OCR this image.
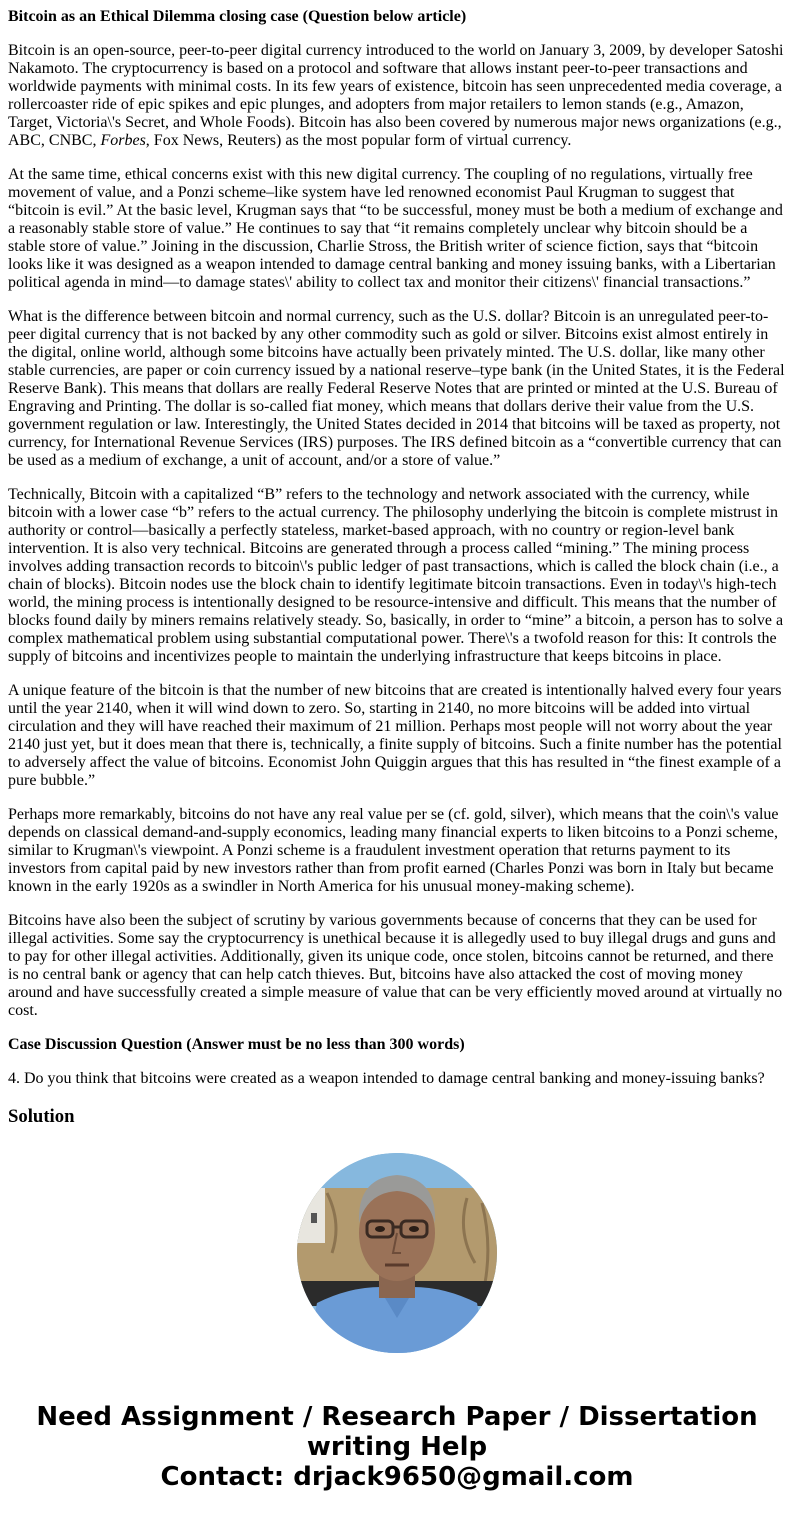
Bitcoin as an Ethical Dilemma closing case (Question below article)

Bitcoin is an open-source, peer-to-peer digital currency introduced to the world on January 3, 2009, by developer Satoshi Nakamoto. The cryptocurrency is based on a protocol and software that allows instant peer-to-peer transactions and worldwide payments with minimal costs. In its few years of existence, bitcoin has seen unprecedented media coverage, a rollercoaster ride of epic spikes and epic plunges, and adopters from major retailers to lemon stands (e.g., Amazon, Target, Victoria\'s Secret, and Whole Foods). Bitcoin has also been covered by numerous major news organizations (e.g., ABC, CNBC, Forbes, Fox News, Reuters) as the most popular form of virtual currency.

At the same time, ethical concerns exist with this new digital currency. The coupling of no regulations, virtually free movement of value, and a Ponzi scheme–like system have led renowned economist Paul Krugman to suggest that “bitcoin is evil.” At the basic level, Krugman says that “to be successful, money must be both a medium of exchange and a reasonably stable store of value.” He continues to say that “it remains completely unclear why bitcoin should be a stable store of value.” Joining in the discussion, Charlie Stross, the British writer of science fiction, says that “bitcoin looks like it was designed as a weapon intended to damage central banking and money issuing banks, with a Libertarian political agenda in mind—to damage states\' ability to collect tax and monitor their citizens\' financial transactions.”

What is the difference between bitcoin and normal currency, such as the U.S. dollar? Bitcoin is an unregulated peer-to-peer digital currency that is not backed by any other commodity such as gold or silver. Bitcoins exist almost entirely in the digital, online world, although some bitcoins have actually been privately minted. The U.S. dollar, like many other stable currencies, are paper or coin currency issued by a national reserve–type bank (in the United States, it is the Federal Reserve Bank). This means that dollars are really Federal Reserve Notes that are printed or minted at the U.S. Bureau of Engraving and Printing. The dollar is so-called fiat money, which means that dollars derive their value from the U.S. government regulation or law. Interestingly, the United States decided in 2014 that bitcoins will be taxed as property, not currency, for International Revenue Services (IRS) purposes. The IRS defined bitcoin as a “convertible currency that can be used as a medium of exchange, a unit of account, and/or a store of value.”

Technically, Bitcoin with a capitalized “B” refers to the technology and network associated with the currency, while bitcoin with a lower case “b” refers to the actual currency. The philosophy underlying the bitcoin is complete mistrust in authority or control—basically a perfectly stateless, market-based approach, with no country or region-level bank intervention. It is also very technical. Bitcoins are generated through a process called “mining.” The mining process involves adding transaction records to bitcoin\'s public ledger of past transactions, which is called the block chain (i.e., a chain of blocks). Bitcoin nodes use the block chain to identify legitimate bitcoin transactions. Even in today\'s high-tech world, the mining process is intentionally designed to be resource-intensive and difficult. This means that the number of blocks found daily by miners remains relatively steady. So, basically, in order to “mine” a bitcoin, a person has to solve a complex mathematical problem using substantial computational power. There\'s a twofold reason for this: It controls the supply of bitcoins and incentivizes people to maintain the underlying infrastructure that keeps bitcoins in place.

A unique feature of the bitcoin is that the number of new bitcoins that are created is intentionally halved every four years until the year 2140, when it will wind down to zero. So, starting in 2140, no more bitcoins will be added into virtual circulation and they will have reached their maximum of 21 million. Perhaps most people will not worry about the year 2140 just yet, but it does mean that there is, technically, a finite supply of bitcoins. Such a finite number has the potential to adversely affect the value of bitcoins. Economist John Quiggin argues that this has resulted in “the finest example of a pure bubble.”

Perhaps more remarkably, bitcoins do not have any real value per se (cf. gold, silver), which means that the coin\'s value depends on classical demand-and-supply economics, leading many financial experts to liken bitcoins to a Ponzi scheme, similar to Krugman\'s viewpoint. A Ponzi scheme is a fraudulent investment operation that returns payment to its investors from capital paid by new investors rather than from profit earned (Charles Ponzi was born in Italy but became known in the early 1920s as a swindler in North America for his unusual money-making scheme).

Bitcoins have also been the subject of scrutiny by various governments because of concerns that they can be used for illegal activities. Some say the cryptocurrency is unethical because it is allegedly used to buy illegal drugs and guns and to pay for other illegal activities. Additionally, given its unique code, once stolen, bitcoins cannot be returned, and there is no central bank or agency that can help catch thieves. But, bitcoins have also attacked the cost of moving money around and have successfully created a simple measure of value that can be very efficiently moved around at virtually no cost.

Case Discussion Question (Answer must be no less than 300 words)

4. Do you think that bitcoins were created as a weapon intended to damage central banking and money-issuing banks?

Solution
Need Assignment / Research Paper / Dissertation
writing Help
Contact: drjack9650@gmail.com
